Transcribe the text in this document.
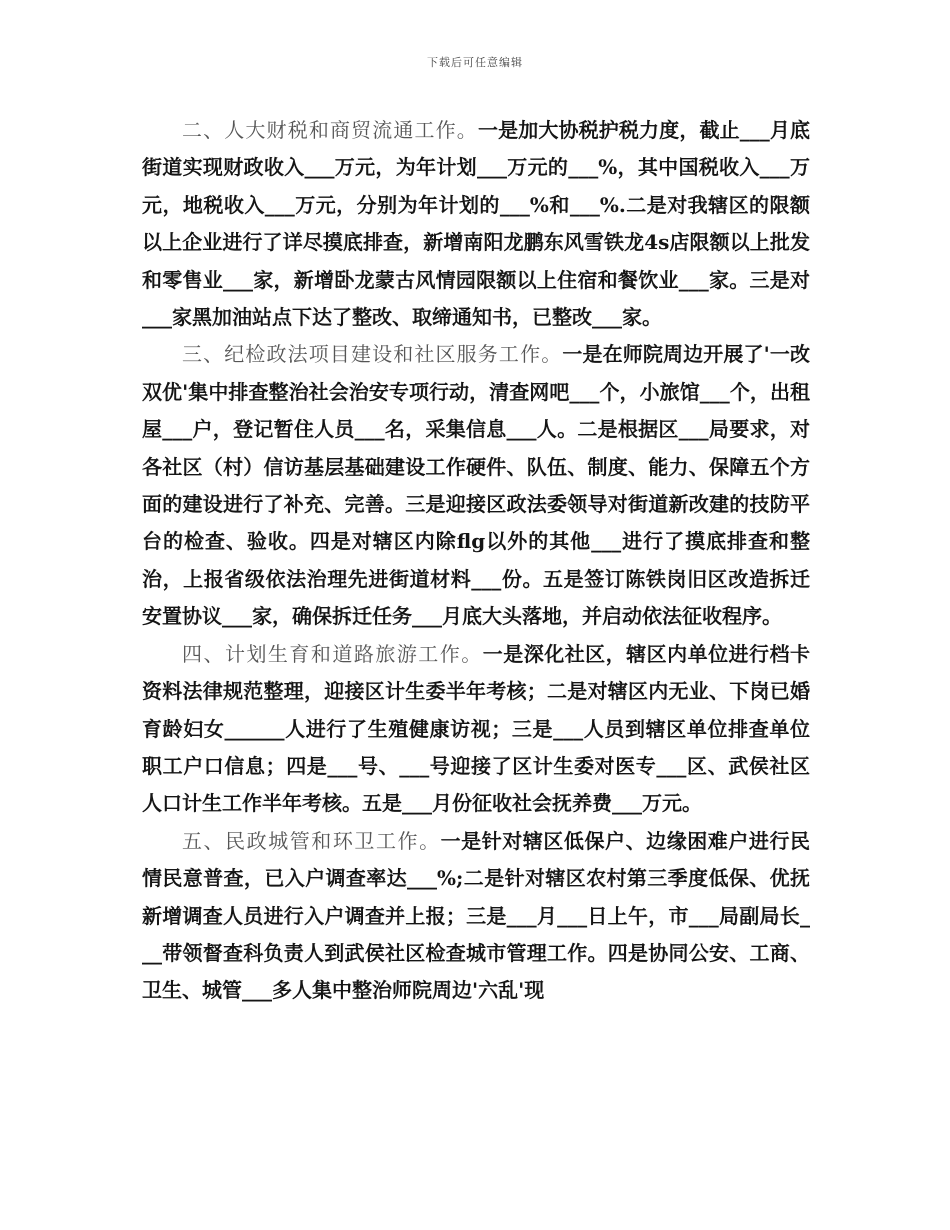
下载后可任意编辑

二、人大财税和商贸流通工作。一是加大协税护税力度，截止___月底街道实现财政收入___万元，为年计划___万元的___%，其中国税收入___万元，地税收入___万元，分别为年计划的___%和___%.二是对我辖区的限额以上企业进行了详尽摸底排查，新增南阳龙鹏东风雪铁龙4s店限额以上批发和零售业___家，新增卧龙蒙古风情园限额以上住宿和餐饮业___家。三是对___家黑加油站点下达了整改、取缔通知书，已整改___家。

三、纪检政法项目建设和社区服务工作。一是在师院周边开展了'一改双优'集中排查整治社会治安专项行动，清查网吧___个，小旅馆___个，出租屋___户，登记暂住人员___名，采集信息___人。二是根据区___局要求，对各社区（村）信访基层基础建设工作硬件、队伍、制度、能力、保障五个方面的建设进行了补充、完善。三是迎接区政法委领导对街道新改建的技防平台的检查、验收。四是对辖区内除flg以外的其他___进行了摸底排查和整治，上报省级依法治理先进街道材料___份。五是签订陈铁岗旧区改造拆迁安置协议___家，确保拆迁任务___月底大头落地，并启动依法征收程序。

四、计划生育和道路旅游工作。一是深化社区，辖区内单位进行档卡资料法律规范整理，迎接区计生委半年考核；二是对辖区内无业、下岗已婚育龄妇女______人进行了生殖健康访视；三是___人员到辖区单位排查单位职工户口信息；四是___号、___号迎接了区计生委对医专___区、武侯社区人口计生工作半年考核。五是___月份征收社会抚养费___万元。

五、民政城管和环卫工作。一是针对辖区低保户、边缘困难户进行民情民意普查，已入户调查率达___%;二是针对辖区农村第三季度低保、优抚新增调查人员进行入户调查并上报；三是___月___日上午，市___局副局长___带领督查科负责人到武侯社区检查城市管理工作。四是协同公安、工商、卫生、城管___多人集中整治师院周边'六乱'现
